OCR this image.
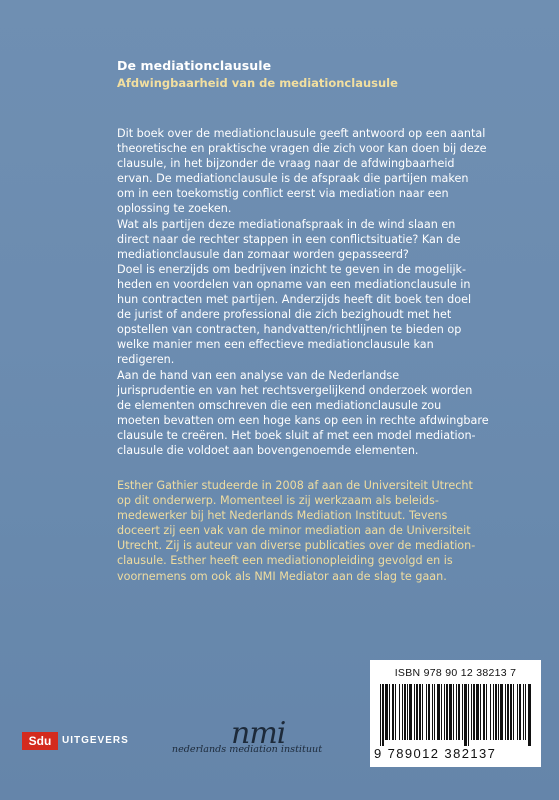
De mediationclausule
Afdwingbaarheid van de mediationclausule

Dit boek over de mediationclausule geeft antwoord op een aantal

theoretische en praktische vragen die zich voor kan doen bij deze

clausule, in het bijzonder de vraag naar de afdwingbaarheid

ervan. De mediationclausule is de afspraak die partijen maken

om in een toekomstig conflict eerst via mediation naar een

oplossing te zoeken.

Wat als partijen deze mediationafspraak in de wind slaan en

direct naar de rechter stappen in een conflictsituatie? Kan de

mediationclausule dan zomaar worden gepasseerd?

Doel is enerzijds om bedrijven inzicht te geven in de mogelijk-

heden en voordelen van opname van een mediationclausule in

hun contracten met partijen. Anderzijds heeft dit boek ten doel

de jurist of andere professional die zich bezighoudt met het

opstellen van contracten, handvatten/richtlijnen te bieden op

welke manier men een effectieve mediationclausule kan

redigeren.

Aan de hand van een analyse van de Nederlandse

jurisprudentie en van het rechtsvergelijkend onderzoek worden

de elementen omschreven die een mediationclausule zou

moeten bevatten om een hoge kans op een in rechte afdwingbare

clausule te creëren. Het boek sluit af met een model mediation-

clausule die voldoet aan bovengenoemde elementen.

Esther Gathier studeerde in 2008 af aan de Universiteit Utrecht

op dit onderwerp. Momenteel is zij werkzaam als beleids-

medewerker bij het Nederlands Mediation Instituut. Tevens

doceert zij een vak van de minor mediation aan de Universiteit

Utrecht. Zij is auteur van diverse publicaties over de mediation-

clausule. Esther heeft een mediationopleiding gevolgd en is

voornemens om ook als NMI Mediator aan de slag te gaan.

ISBN 978 90 12 38213 7
9 789012 382137
Sdu	UITGEVERS	nmi
nederlands mediation instituut
